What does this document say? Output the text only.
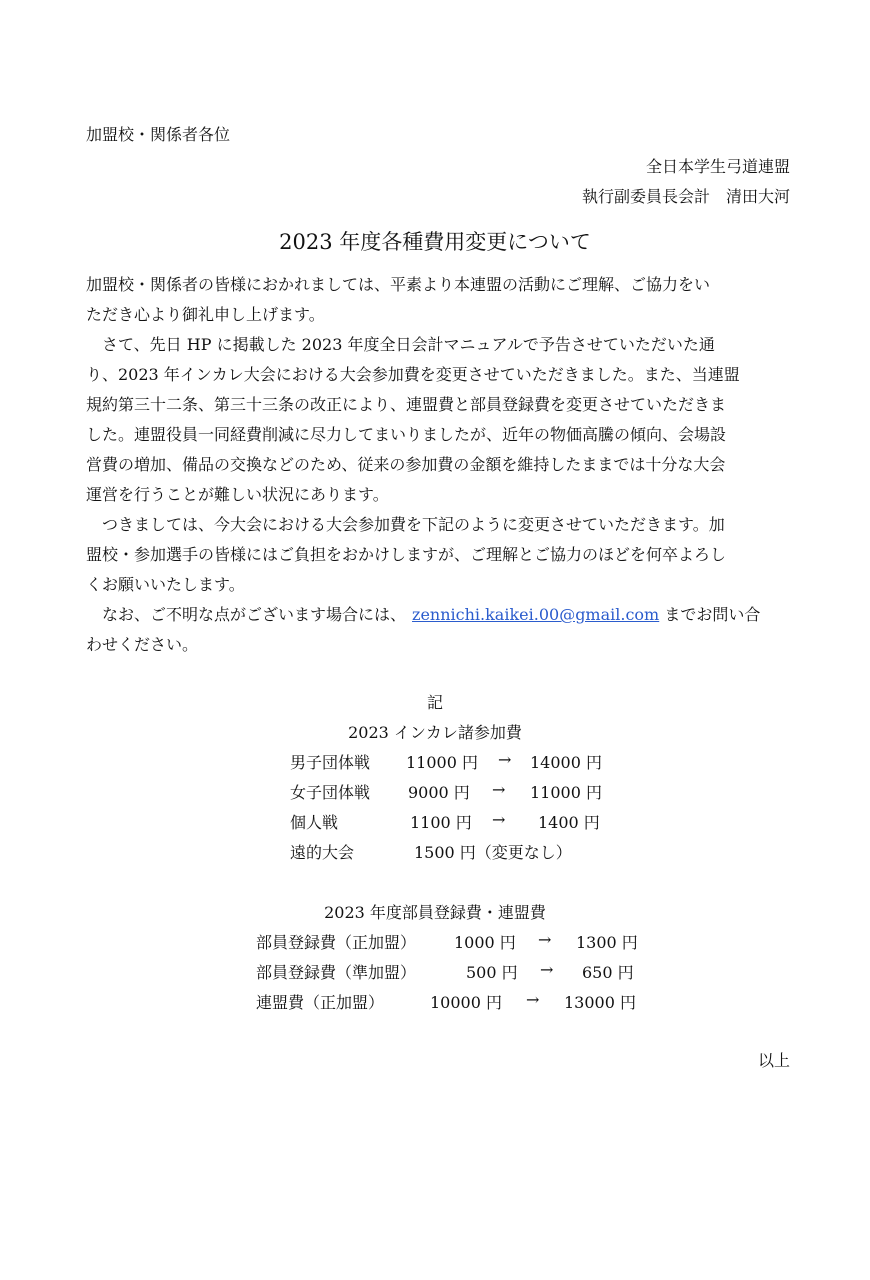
加盟校・関係者各位
全日本学生弓道連盟
執行副委員長会計　清田大河
2023 年度各種費用変更について
加盟校・関係者の皆様におかれましては、平素より本連盟の活動にご理解、ご協力をい
ただき心より御礼申し上げます。
　さて、先日 HP に掲載した 2023 年度全日会計マニュアルで予告させていただいた通
り、2023 年インカレ大会における大会参加費を変更させていただきました。また、当連盟
規約第三十二条、第三十三条の改正により、連盟費と部員登録費を変更させていただきま
した。連盟役員一同経費削減に尽力してまいりましたが、近年の物価高騰の傾向、会場設
営費の増加、備品の交換などのため、従来の参加費の金額を維持したままでは十分な大会
運営を行うことが難しい状況にあります。
　つきましては、今大会における大会参加費を下記のように変更させていただきます。加
盟校・参加選手の皆様にはご負担をおかけしますが、ご理解とご協力のほどを何卒よろし
くお願いいたします。
　なお、ご不明な点がございます場合には、 zennichi.kaikei.00@gmail.com までお問い合
わせください。
記
2023 インカレ諸参加費
男子団体戦 11000 円 → 14000 円
女子団体戦 9000 円 → 11000 円
個人戦	1100 円 → 1400 円
遠的大会	1500 円（変更なし）
2023 年度部員登録費・連盟費
部員登録費（正加盟） 1000 円 → 1300 円
部員登録費（準加盟）	500 円 → 650 円
連盟費（正加盟）	10000 円 → 13000 円
以上
